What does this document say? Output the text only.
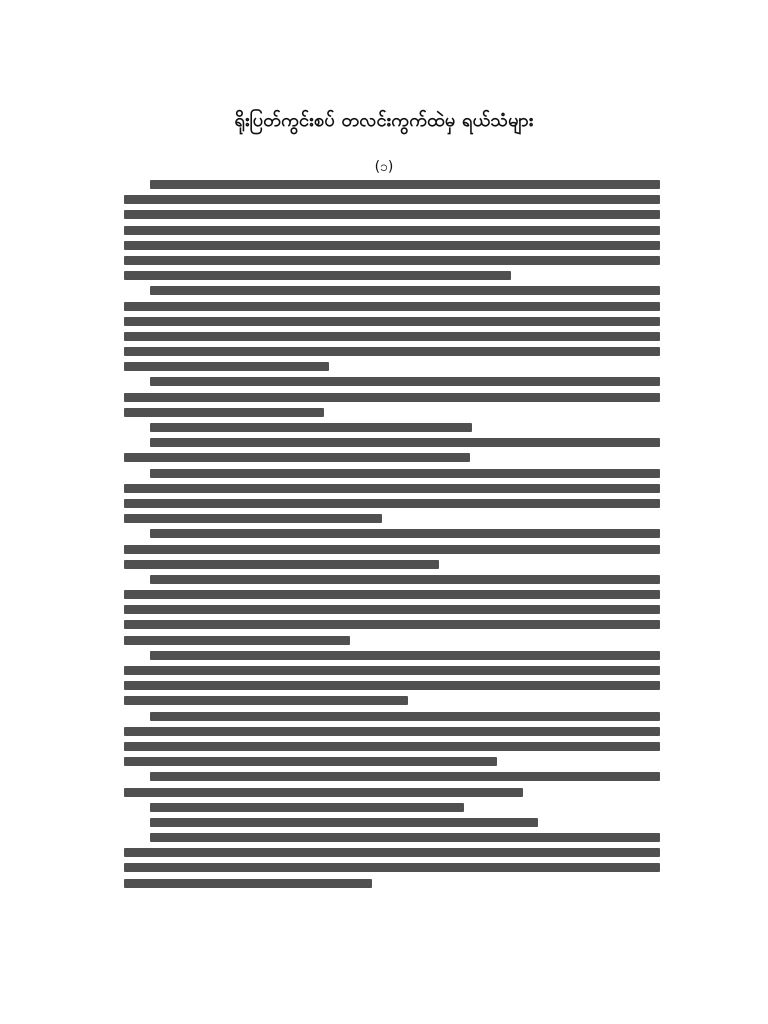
ရိုးပြတ်ကွင်းစပ် တလင်းကွက်ထဲမှ ရယ်သံများ
(၁)
